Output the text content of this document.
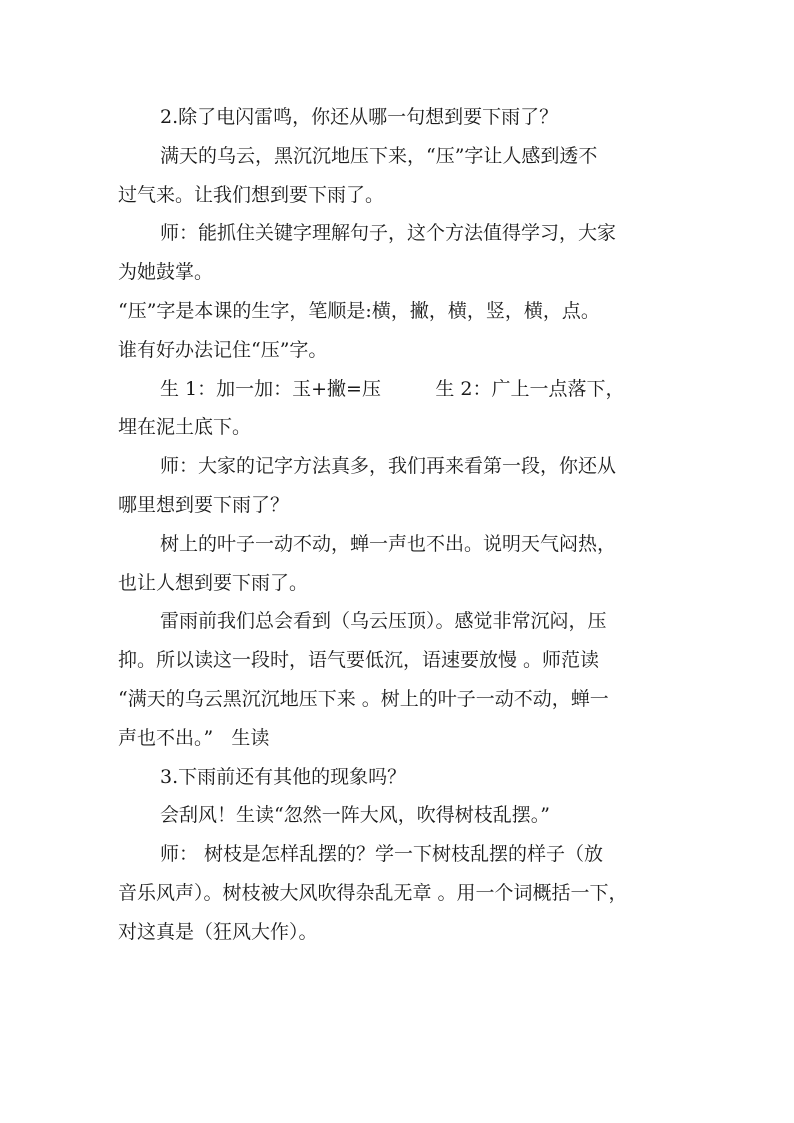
2.除了电闪雷鸣，你还从哪一句想到要下雨了？
满天的乌云，黑沉沉地压下来，“压”字让人感到透不
过气来。让我们想到要下雨了。
师：能抓住关键字理解句子，这个方法值得学习，大家
为她鼓掌。
“压”字是本课的生字，笔顺是:横，撇，横，竖，横，点。
谁有好办法记住“压”字。
生 1：加一加：玉+撇=压         生 2：广上一点落下，
埋在泥土底下。
师：大家的记字方法真多，我们再来看第一段，你还从
哪里想到要下雨了？
树上的叶子一动不动，蝉一声也不出。说明天气闷热，
也让人想到要下雨了。
雷雨前我们总会看到（乌云压顶）。感觉非常沉闷，压
抑。所以读这一段时，语气要低沉，语速要放慢 。师范读
“满天的乌云黑沉沉地压下来 。树上的叶子一动不动，蝉一
声也不出。”   生读
3.下雨前还有其他的现象吗？
会刮风！生读“忽然一阵大风，吹得树枝乱摆。”
师： 树枝是怎样乱摆的？学一下树枝乱摆的样子（放
音乐风声）。树枝被大风吹得杂乱无章 。用一个词概括一下，
对这真是（狂风大作）。
